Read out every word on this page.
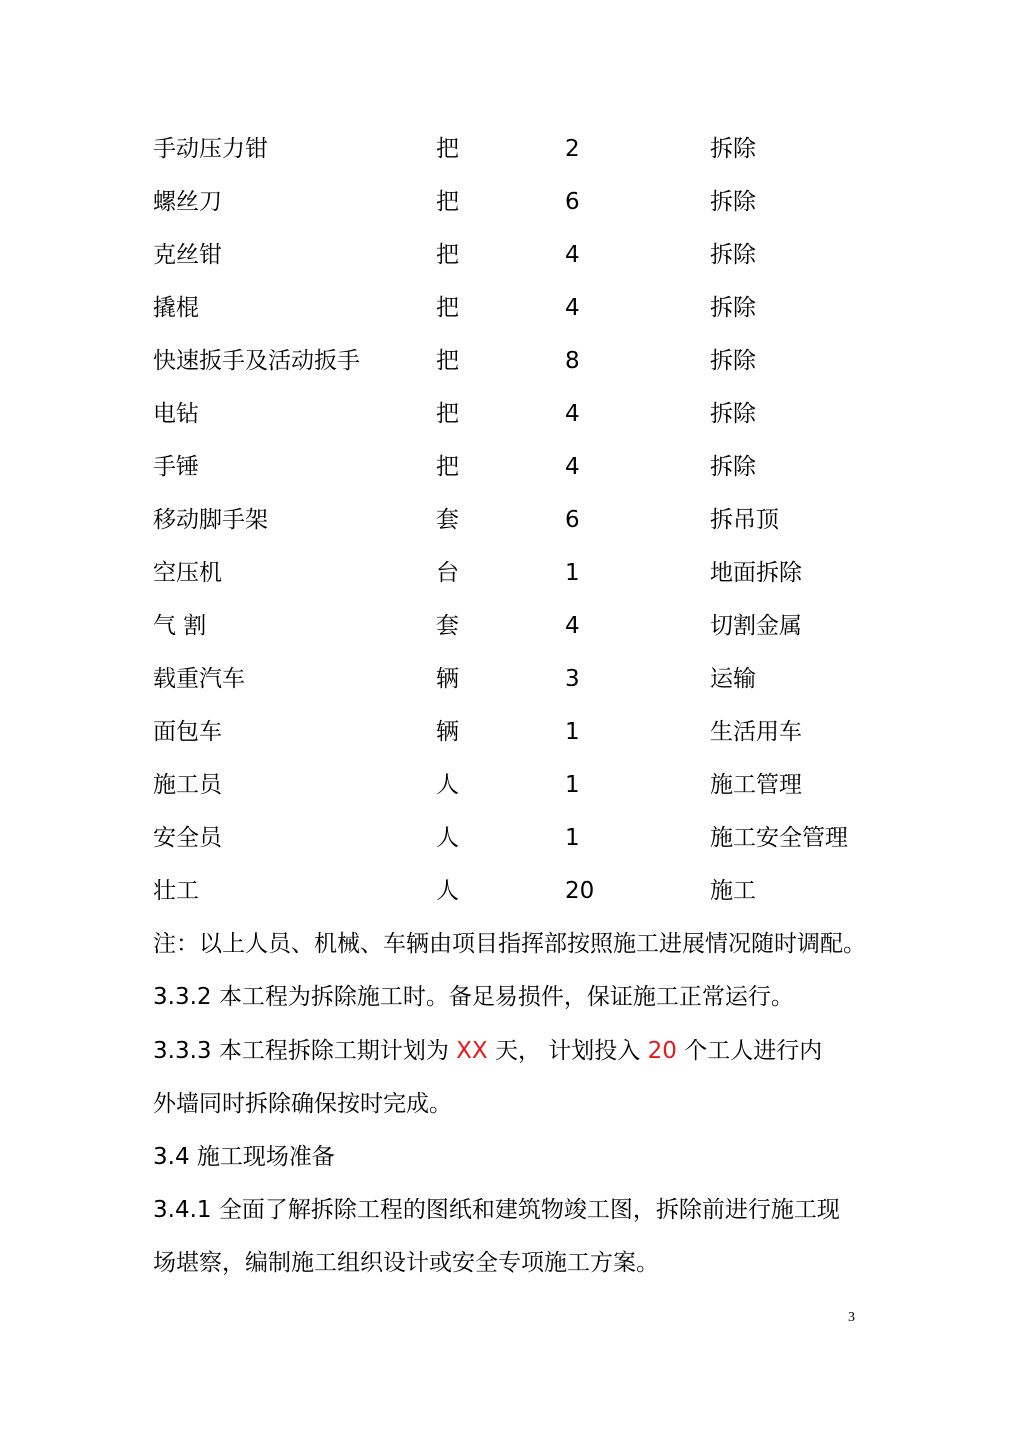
手动压力钳	把	2	拆除
螺丝刀	把	6	拆除
克丝钳	把	4	拆除
撬棍	把	4	拆除
快速扳手及活动扳手	把	8	拆除
电钻	把	4	拆除
手锤	把	4	拆除
移动脚手架	套	6	拆吊顶
空压机	台	1	地面拆除
气 割	套	4	切割金属
载重汽车	辆	3	运输
面包车	辆	1	生活用车
施工员	人	1	施工管理
安全员	人	1	施工安全管理
壮工	人	20	施工
注：以上人员、机械、车辆由项目指挥部按照施工进展情况随时调配。
3.3.2 本工程为拆除施工时。备足易损件，保证施工正常运行。
3.3.3 本工程拆除工期计划为 XX 天， 计划投入 20 个工人进行内
外墙同时拆除确保按时完成。
3.4 施工现场准备
3.4.1 全面了解拆除工程的图纸和建筑物竣工图，拆除前进行施工现
场堪察，编制施工组织设计或安全专项施工方案。
3
